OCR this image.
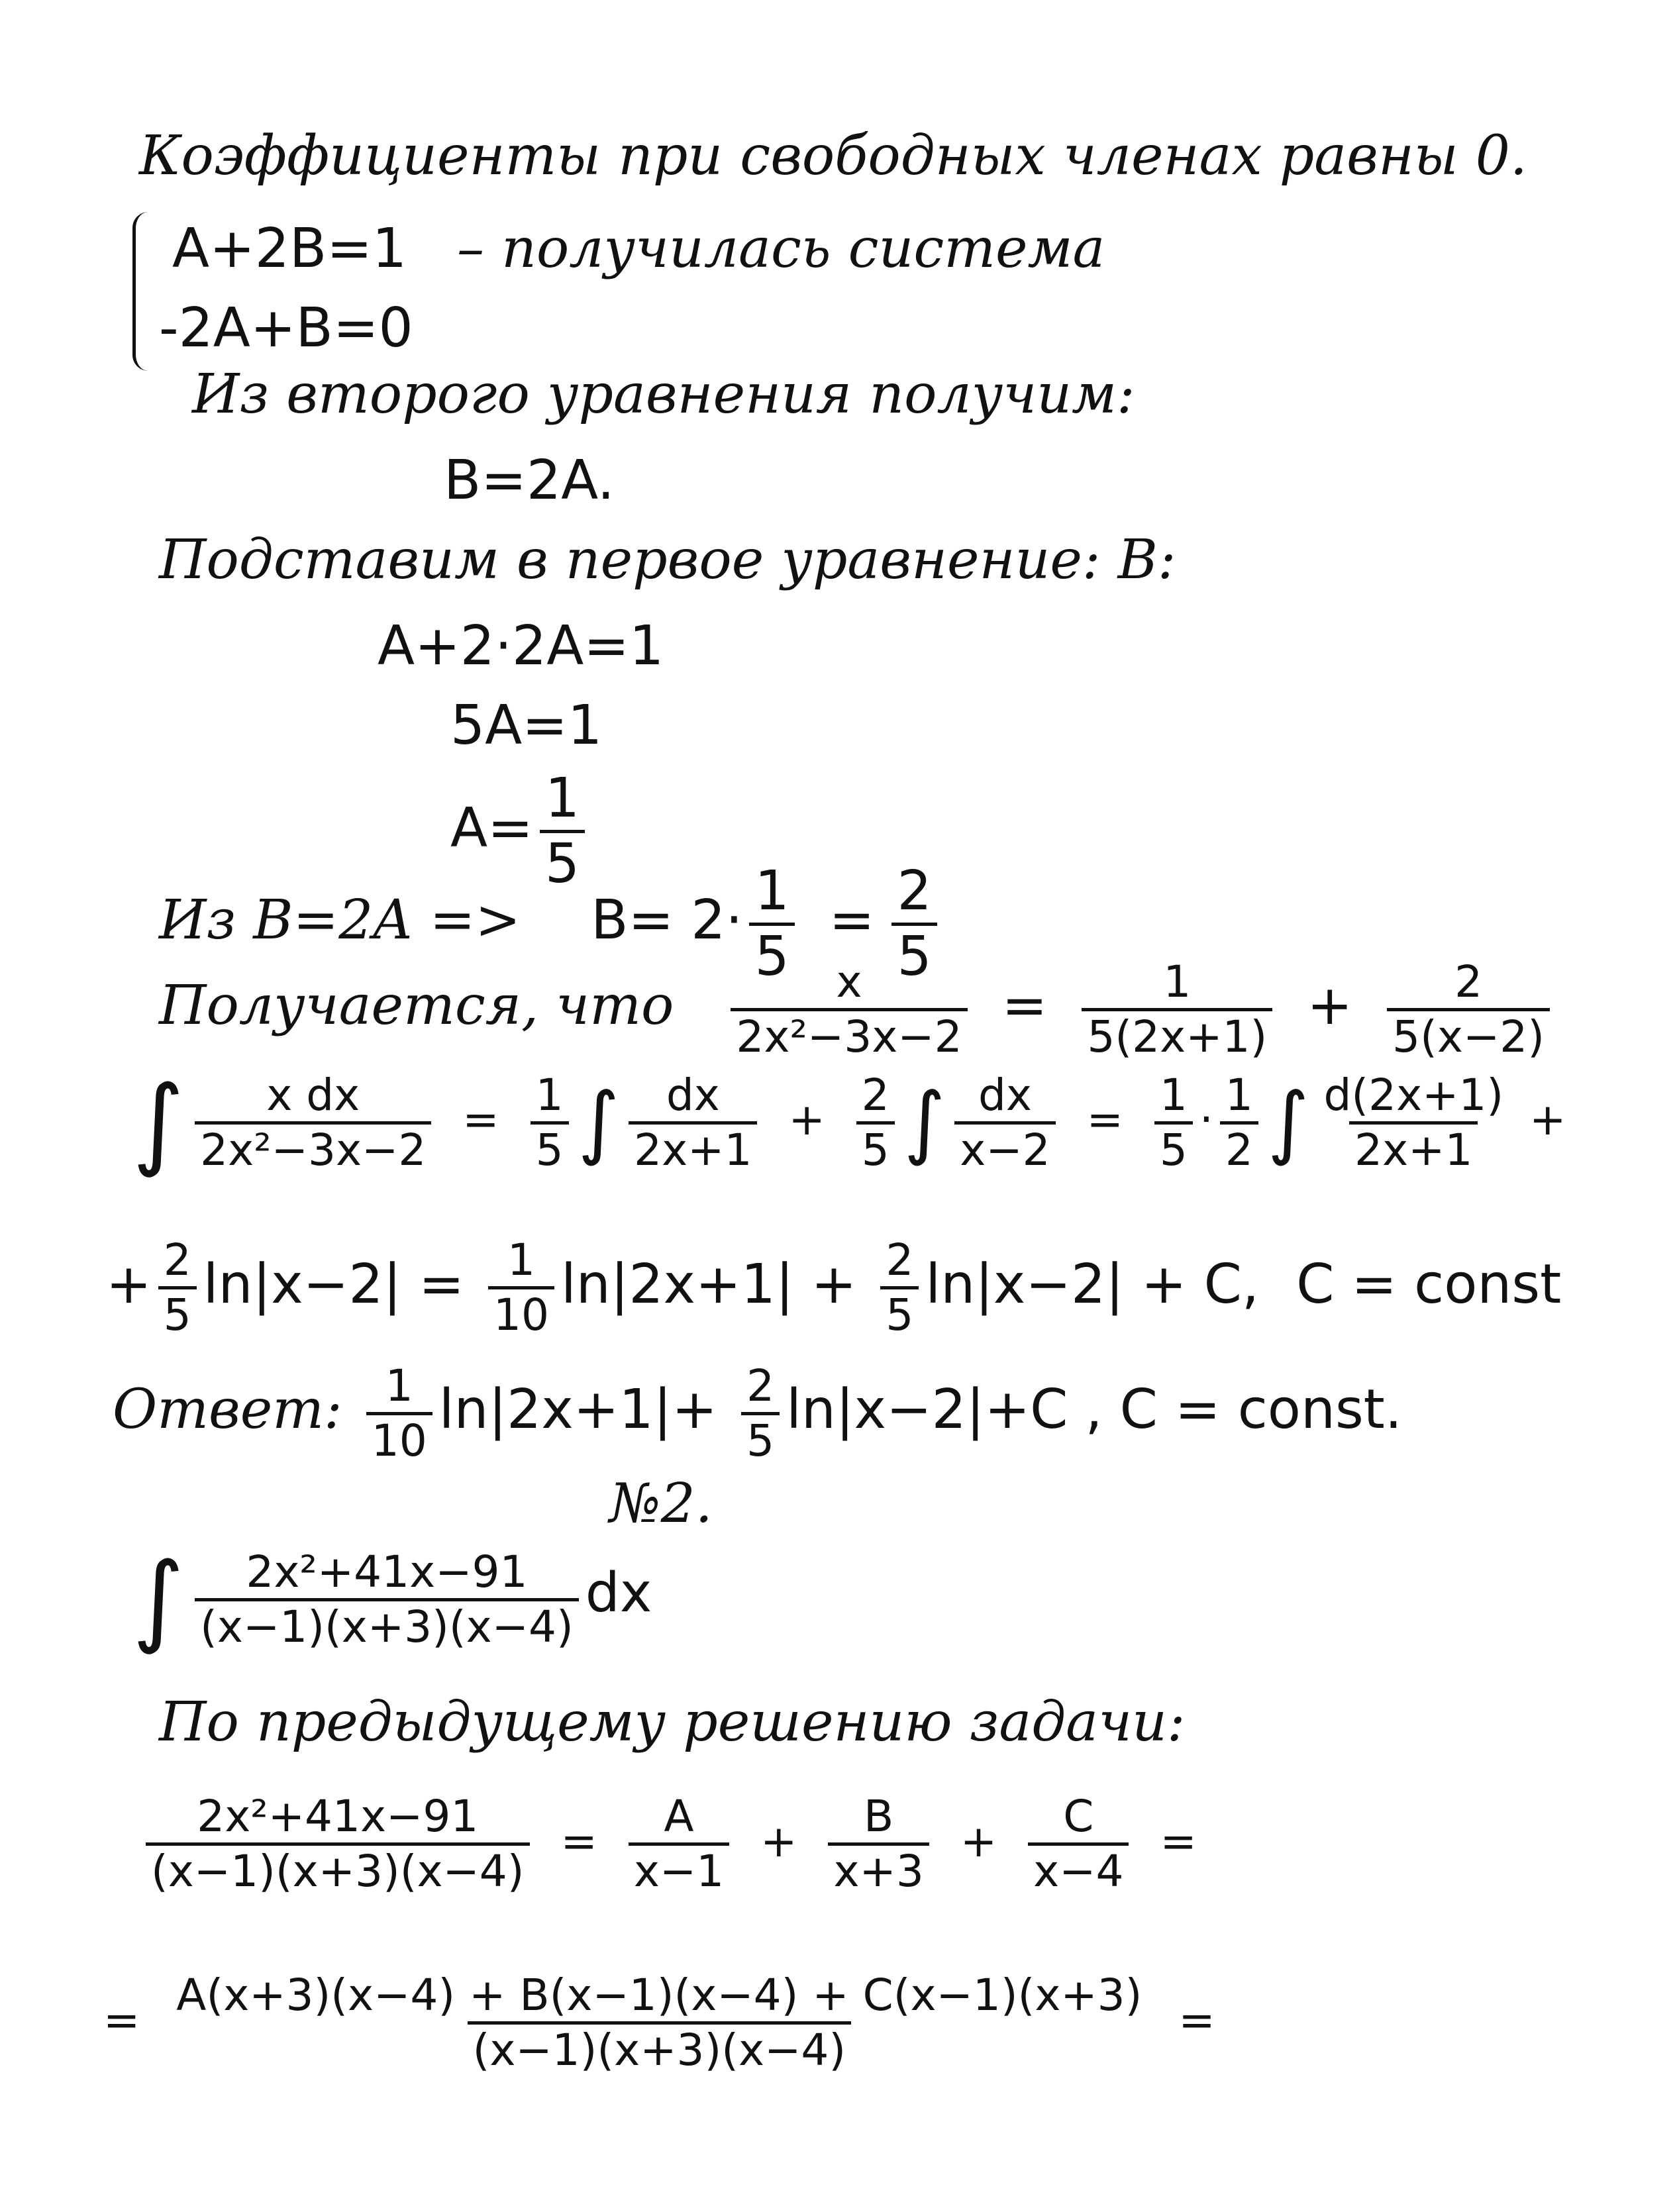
Коэффициенты при свободных членах равны 0.
A+2B=1 – получилась система
-2A+B=0
Из второго уравнения получим:
B=2A.
Подставим в первое уравнение: B:
A+2·2A=1
5A=1
$A= \frac{1}{5}$
Из $B=2A => B= 2\cdot \frac{1}{5} = \frac{2}{5}$
Получается, что $\frac{x}{\text{2x²−3x−2}} = \frac{1}{5(2x+1)} + \frac{2}{5(x-2)}$
∫ $\frac{\text{x dx}}{\text{2x²−3x−2}} = \frac{1}{5}$ ∫ $\frac{dx}{2x+1} + \frac{2}{5}$ ∫ $\frac{dx}{x-2} = \frac{1}{5} \cdot \frac{1}{2}$ ∫ $\frac{d(2x+1)}{2x+1}$ +
+ $\frac{2}{5} \ln|x-2| = \frac{1}{10} \ln|2x+1| + \frac{2}{5} \ln|x-2| + C$, C = const
Ответ: $\frac{1}{10} \ln|2x+1|+ \frac{2}{5} \ln|x-2|+C$ , C = const.
№2.
∫ $\frac{\text{2x²+41x−91}}{(x-1)(x+3)(x-4)}$ dx
По предыдущему решению задачи:
$\frac{\text{2x²+41x−91}}{(x-1)(x+3)(x-4)} = \frac{A}{x-1} + \frac{B}{x+3} + \frac{C}{x-4}$ =
= $\frac{A(x+3)(x-4) + B(x-1)(x-4) + C(x-1)(x+3)}{(x-1)(x+3)(x-4)}$ =
